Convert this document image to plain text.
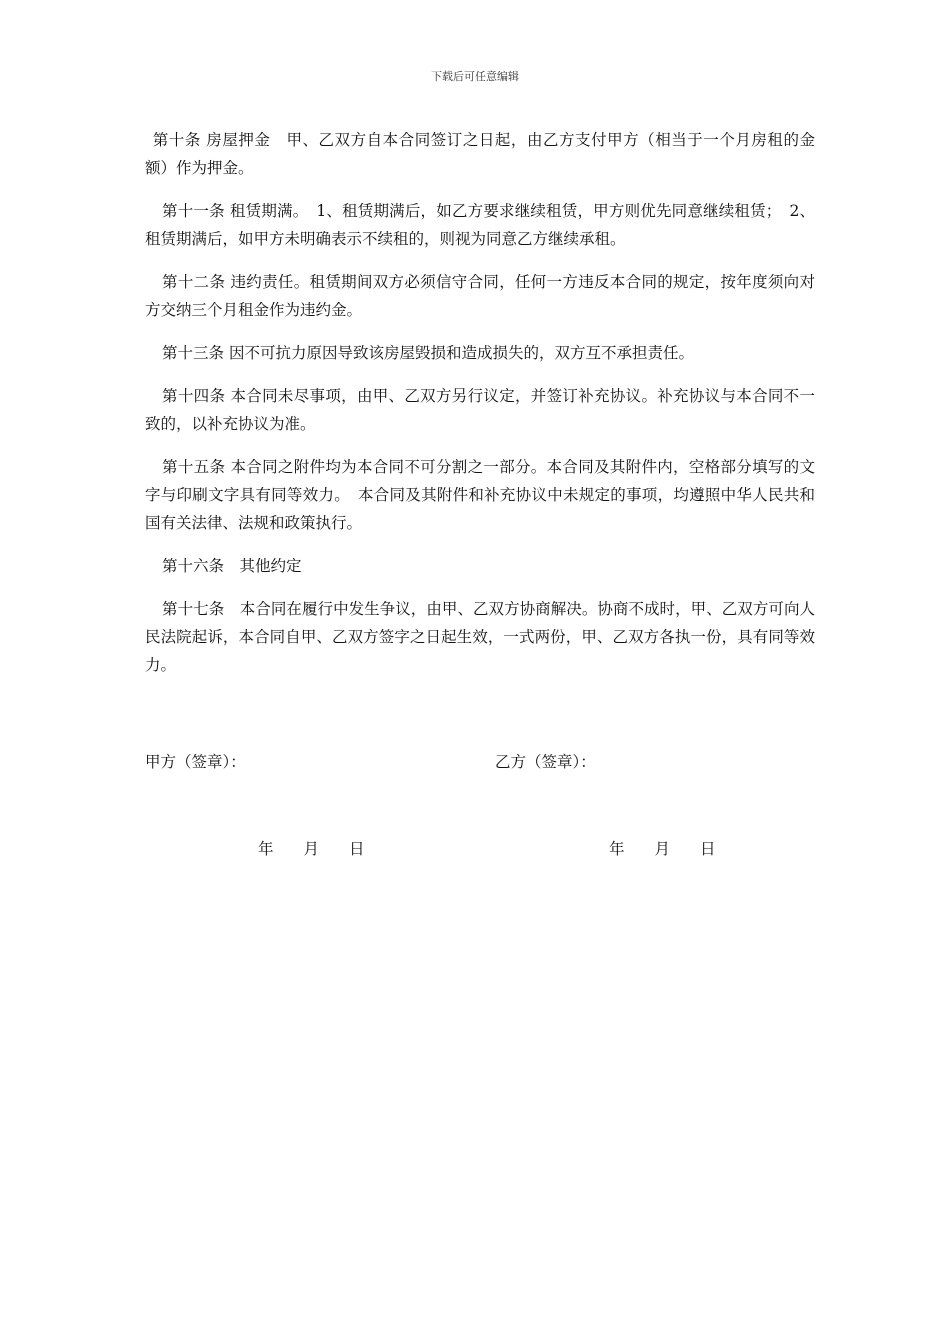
下载后可任意编辑

第十条 房屋押金　甲、乙双方自本合同签订之日起，由乙方支付甲方（相当于一个月房租的金额）作为押金。

第十一条 租赁期满。　1、租赁期满后，如乙方要求继续租赁，甲方则优先同意继续租赁；　2、租赁期满后，如甲方未明确表示不续租的，则视为同意乙方继续承租。

第十二条 违约责任。租赁期间双方必须信守合同，任何一方违反本合同的规定，按年度须向对方交纳三个月租金作为违约金。

第十三条 因不可抗力原因导致该房屋毁损和造成损失的，双方互不承担责任。

第十四条 本合同未尽事项，由甲、乙双方另行议定，并签订补充协议。补充协议与本合同不一致的，以补充协议为准。

第十五条 本合同之附件均为本合同不可分割之一部分。本合同及其附件内，空格部分填写的文字与印刷文字具有同等效力。　本合同及其附件和补充协议中未规定的事项，均遵照中华人民共和国有关法律、法规和政策执行。

第十六条　其他约定

第十七条　本合同在履行中发生争议，由甲、乙双方协商解决。协商不成时，甲、乙双方可向人民法院起诉，本合同自甲、乙双方签字之日起生效，一式两份，甲、乙双方各执一份，具有同等效力。

甲方（签章）：	乙方（签章）：
年 月 日	年 月 日
